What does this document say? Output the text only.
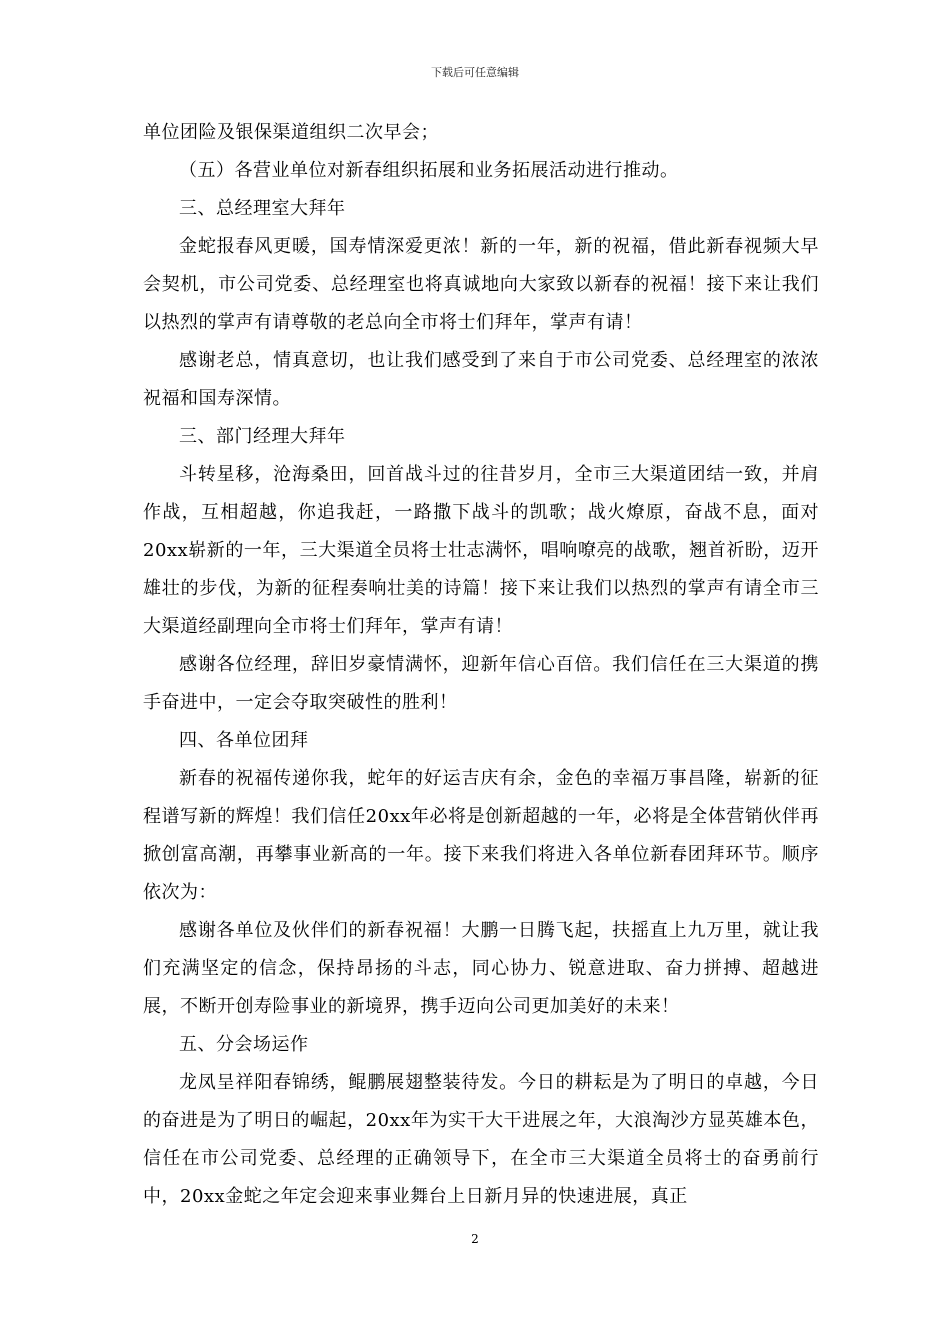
下载后可任意编辑

单位团险及银保渠道组织二次早会；

（五）各营业单位对新春组织拓展和业务拓展活动进行推动。

三、总经理室大拜年

金蛇报春风更暖，国寿情深爱更浓！新的一年，新的祝福，借此新春视频大早会契机，市公司党委、总经理室也将真诚地向大家致以新春的祝福！接下来让我们以热烈的掌声有请尊敬的老总向全市将士们拜年，掌声有请！

感谢老总，情真意切，也让我们感受到了来自于市公司党委、总经理室的浓浓祝福和国寿深情。

三、部门经理大拜年

斗转星移，沧海桑田，回首战斗过的往昔岁月，全市三大渠道团结一致，并肩作战，互相超越，你追我赶，一路撒下战斗的凯歌；战火燎原，奋战不息，面对20xx崭新的一年，三大渠道全员将士壮志满怀，唱响嘹亮的战歌，翘首祈盼，迈开雄壮的步伐，为新的征程奏响壮美的诗篇！接下来让我们以热烈的掌声有请全市三大渠道经副理向全市将士们拜年，掌声有请！

感谢各位经理，辞旧岁豪情满怀，迎新年信心百倍。我们信任在三大渠道的携手奋进中，一定会夺取突破性的胜利！

四、各单位团拜

新春的祝福传递你我，蛇年的好运吉庆有余，金色的幸福万事昌隆，崭新的征程谱写新的辉煌！我们信任20xx年必将是创新超越的一年，必将是全体营销伙伴再掀创富高潮，再攀事业新高的一年。接下来我们将进入各单位新春团拜环节。顺序依次为：

感谢各单位及伙伴们的新春祝福！大鹏一日腾飞起，扶摇直上九万里，就让我们充满坚定的信念，保持昂扬的斗志，同心协力、锐意进取、奋力拼搏、超越进展，不断开创寿险事业的新境界，携手迈向公司更加美好的未来！

五、分会场运作

龙凤呈祥阳春锦绣，鲲鹏展翅整装待发。今日的耕耘是为了明日的卓越，今日的奋进是为了明日的崛起，20xx年为实干大干进展之年，大浪淘沙方显英雄本色，信任在市公司党委、总经理的正确领导下，在全市三大渠道全员将士的奋勇前行中，20xx金蛇之年定会迎来事业舞台上日新月异的快速进展，真正

2
